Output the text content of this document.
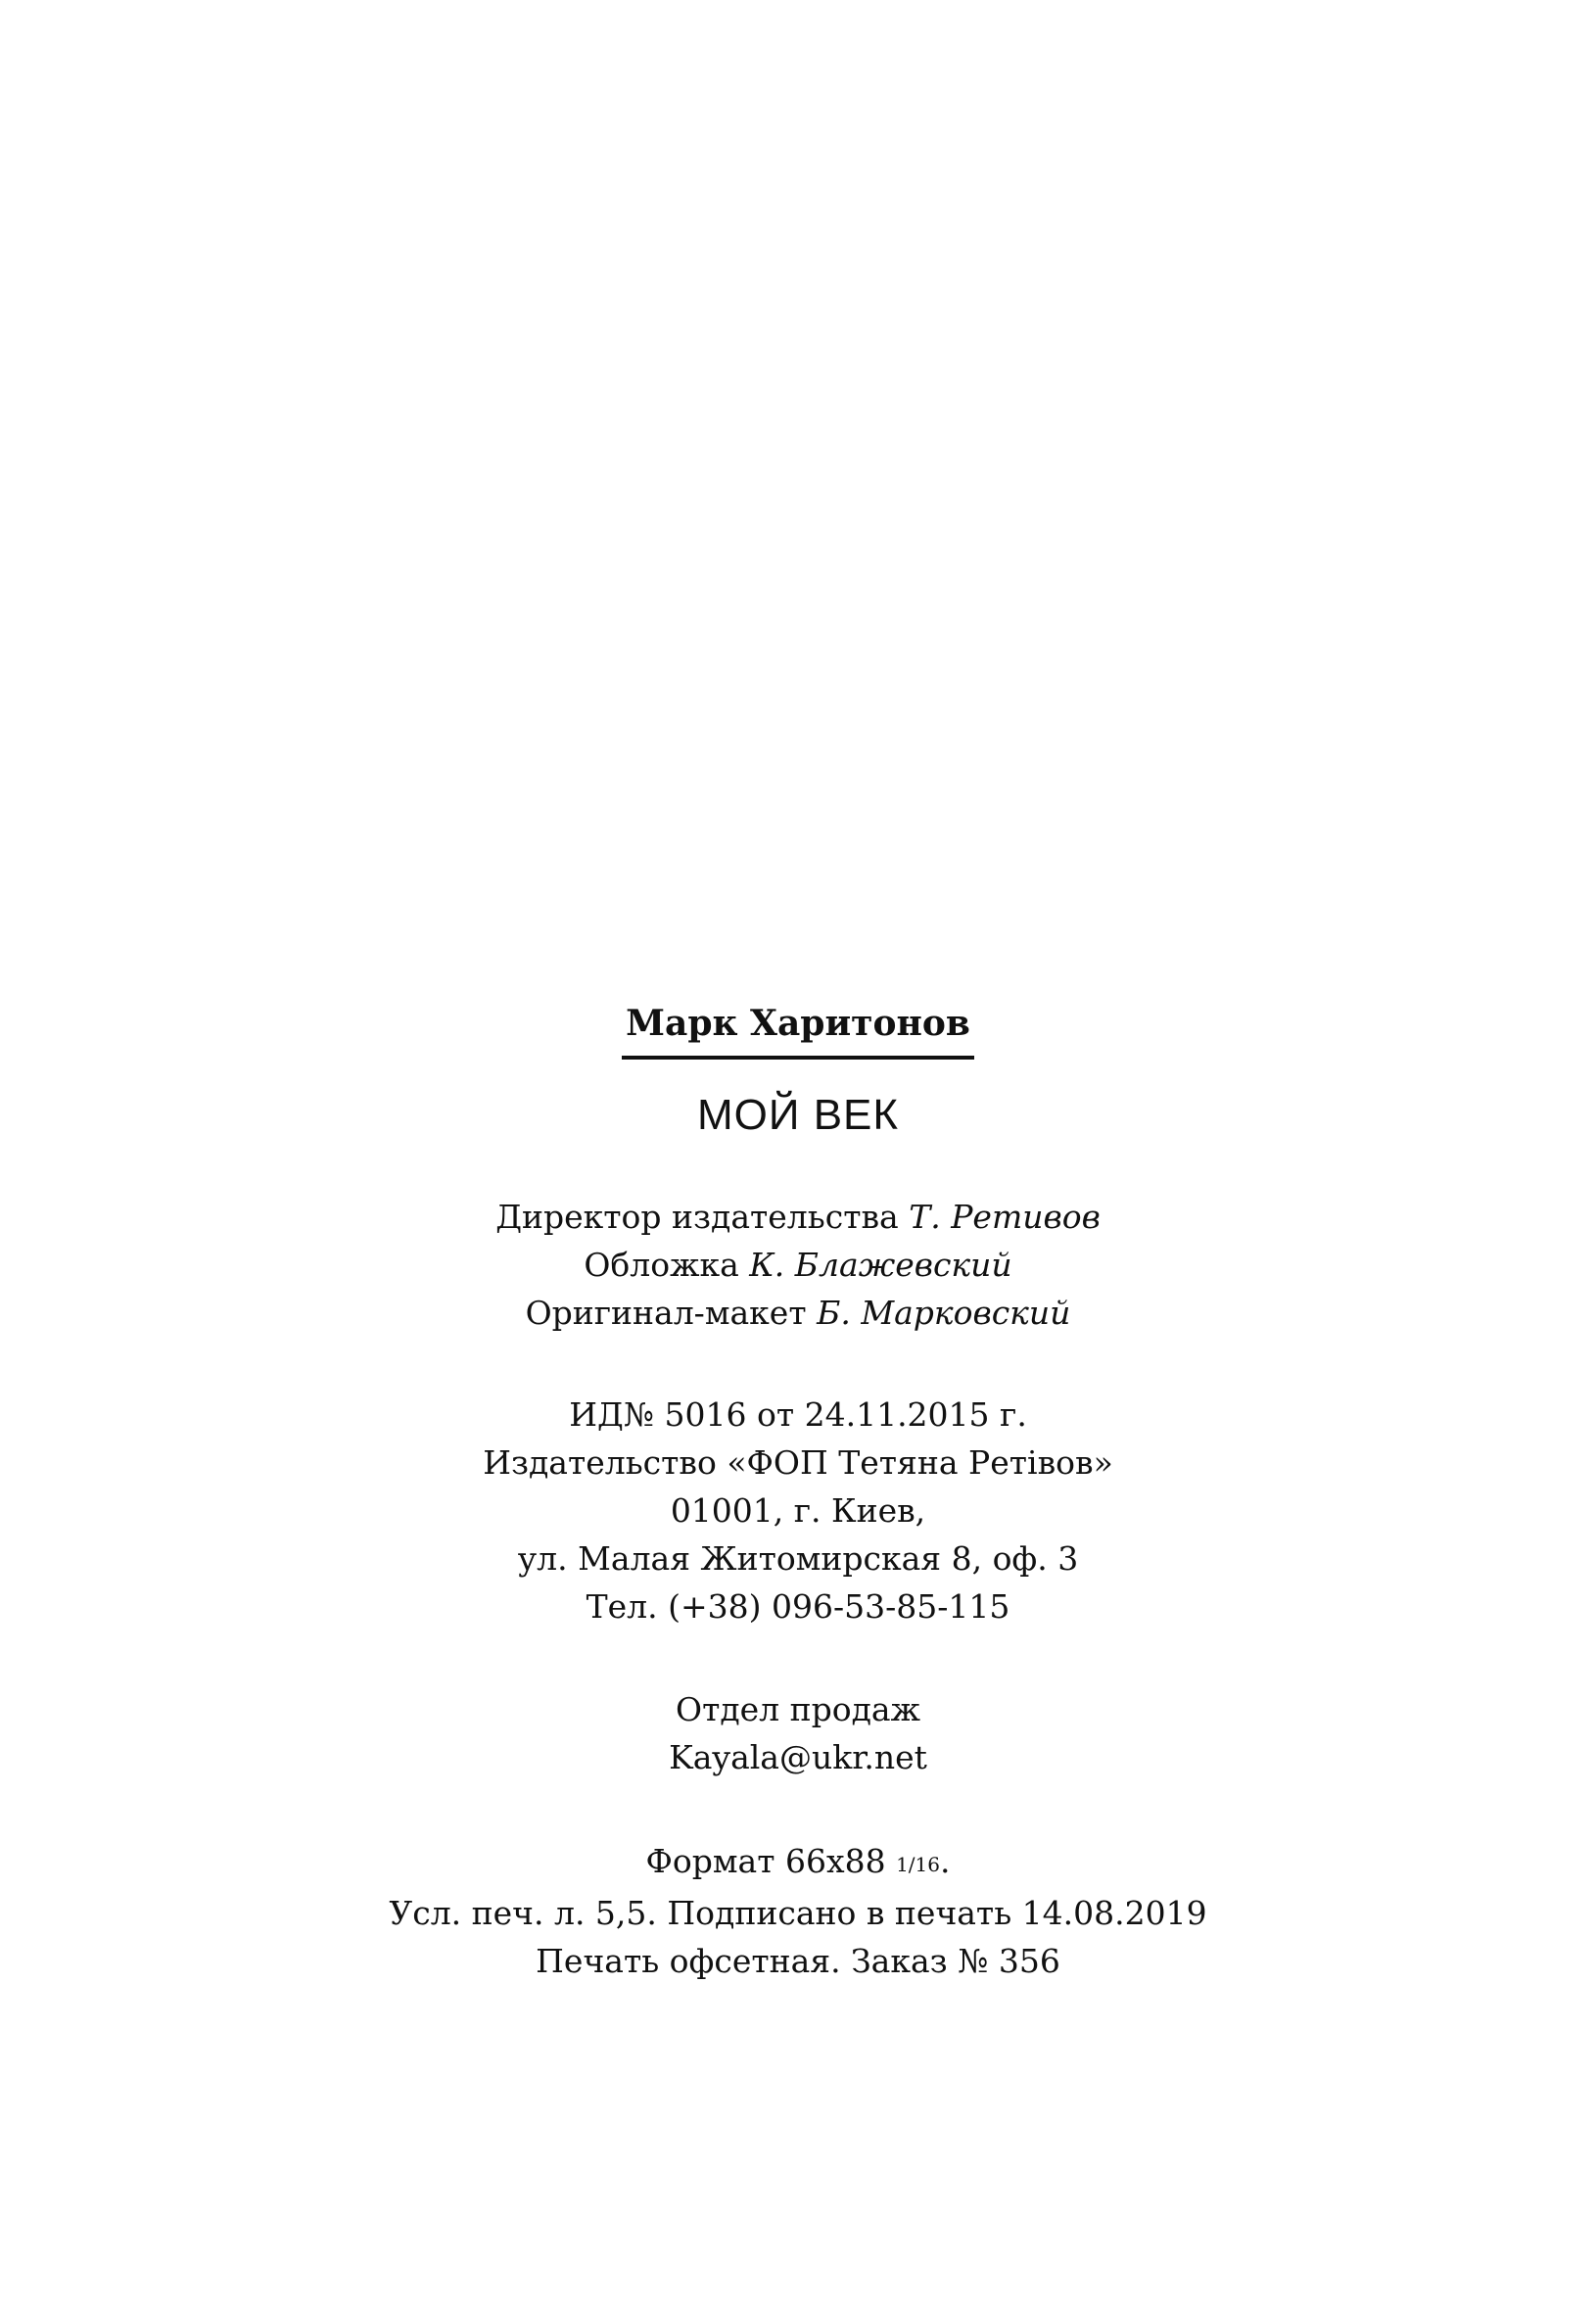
Марк Харитонов
МОЙ ВЕК
Директор издательства Т. Ретивов
Обложка К. Блажевский
Оригинал-макет Б. Марковский
ИД№ 5016 от 24.11.2015 г.
Издательство «ФОП Тетяна Ретівов»
01001, г. Киев,
ул. Малая Житомирская 8, оф. 3
Тел. (+38) 096-53-85-115
Отдел продаж
Kayala@ukr.net
Формат 66х88 1/16.
Усл. печ. л. 5,5. Подписано в печать 14.08.2019
Печать офсетная. Заказ № 356
